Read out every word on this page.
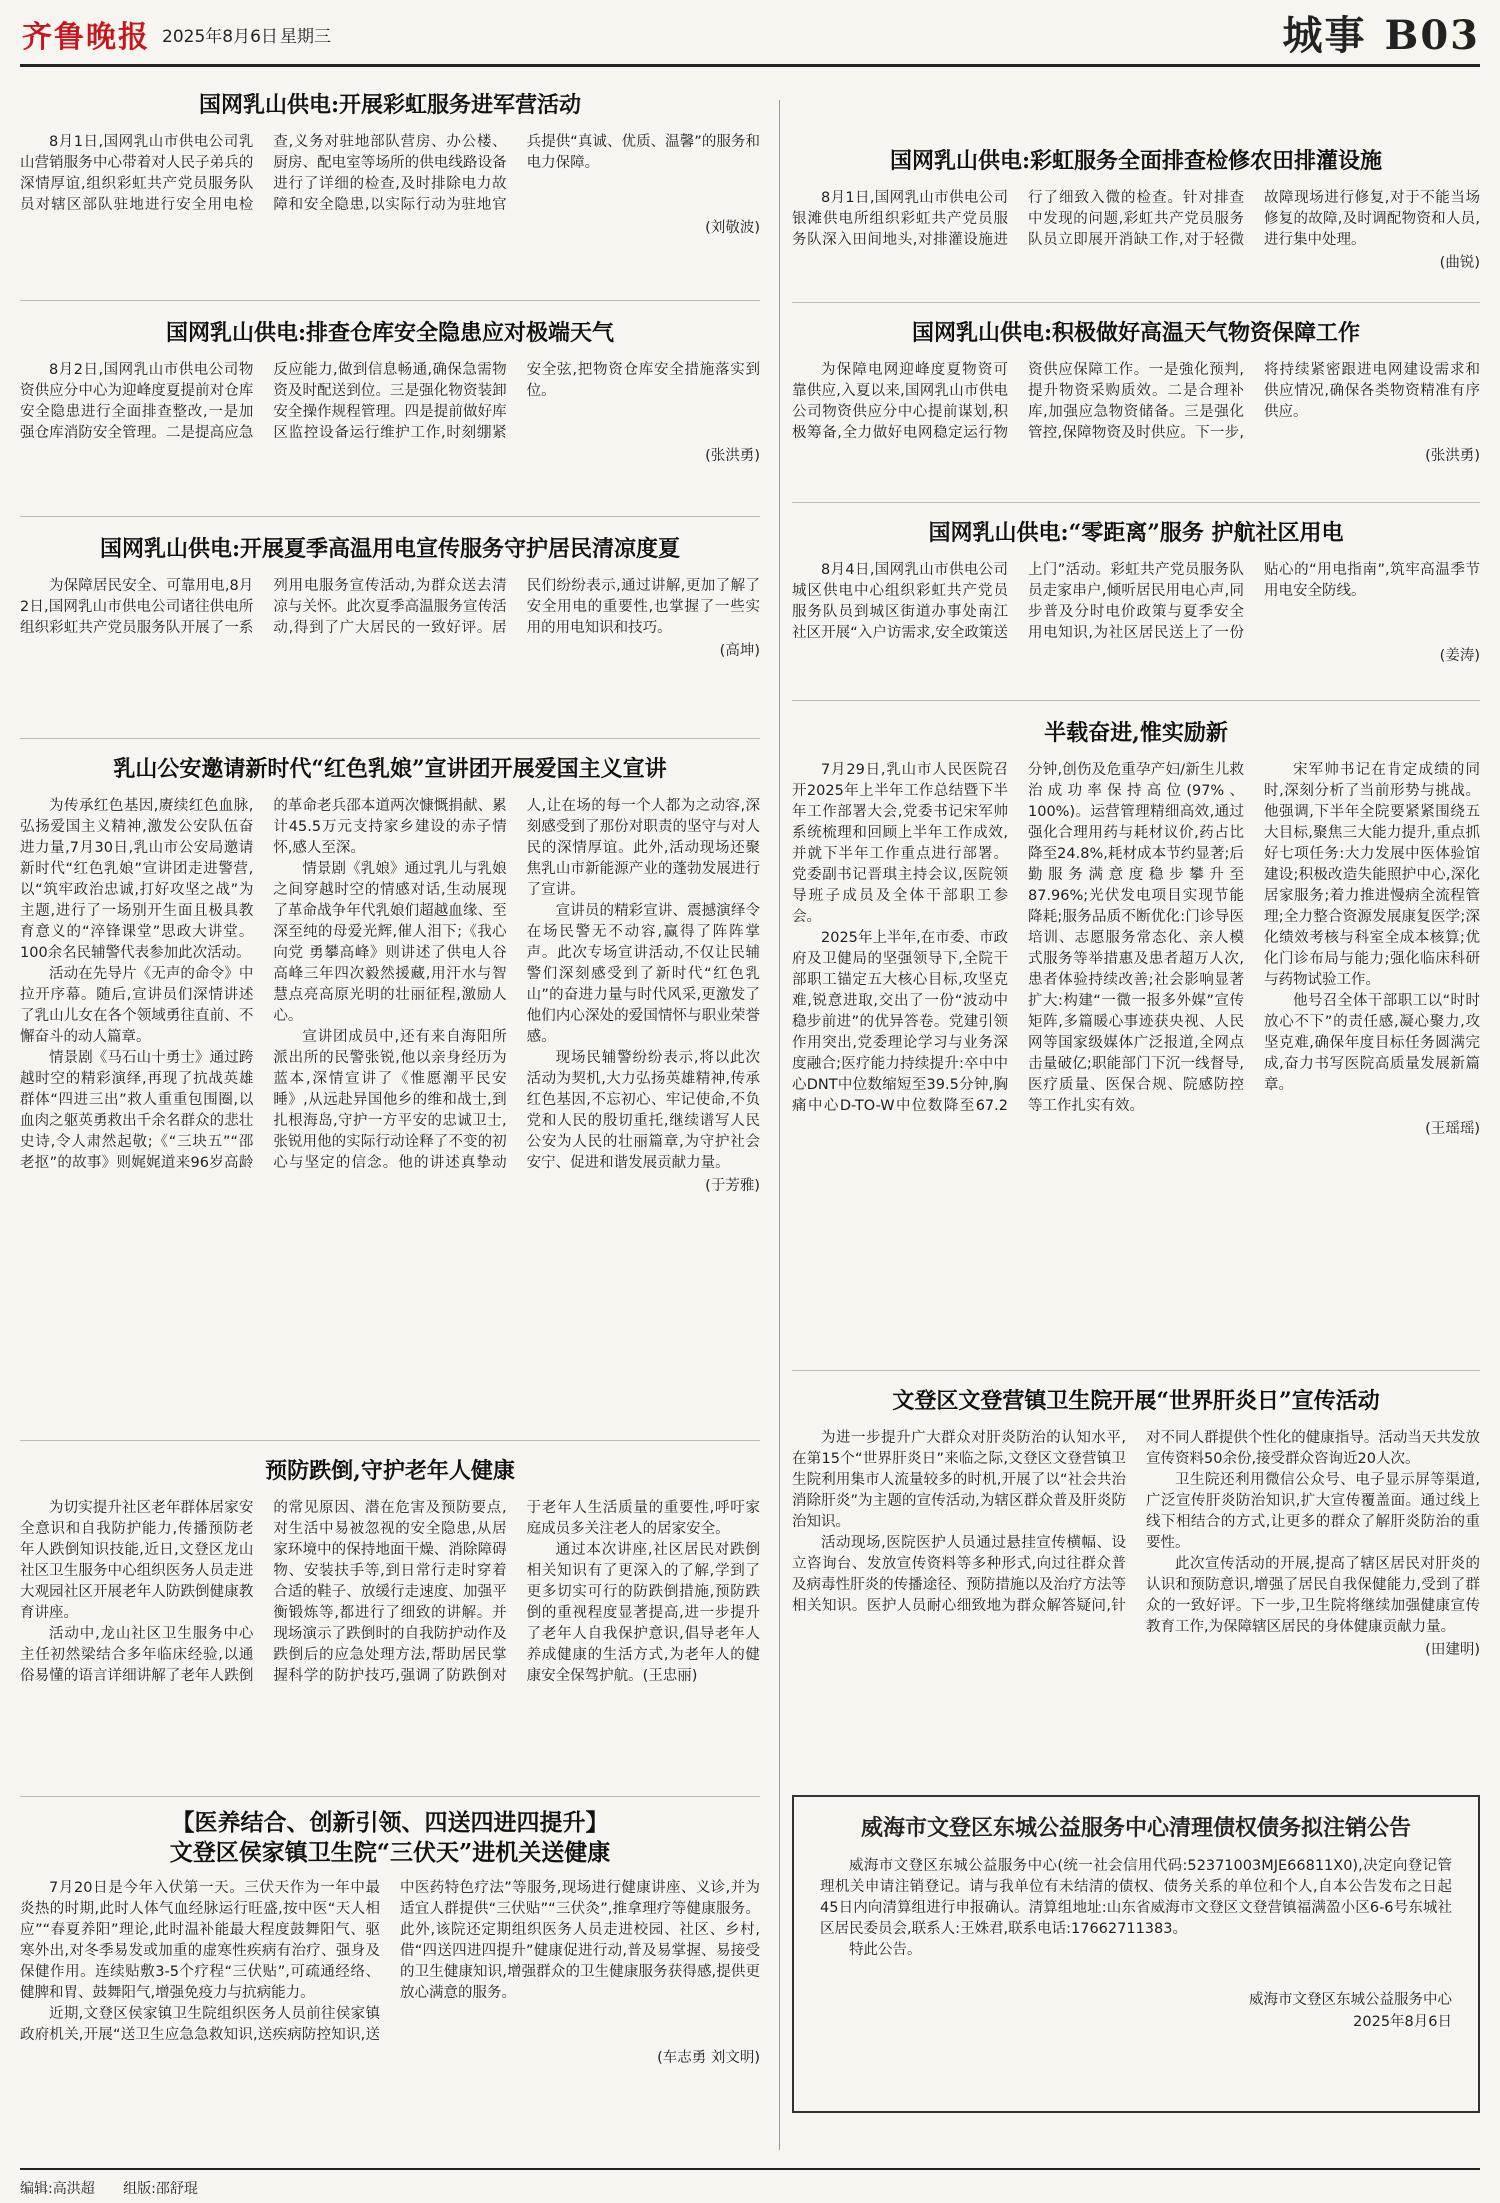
齐鲁晚报 2025年8月6日 星期三	城事 B03
国网乳山供电:开展彩虹服务进军营活动

8月1日,国网乳山市供电公司乳山营销服务中心带着对人民子弟兵的深情厚谊,组织彩虹共产党员服务队员对辖区部队驻地进行安全用电检查,义务对驻地部队营房、办公楼、厨房、配电室等场所的供电线路设备进行了详细的检查,及时排除电力故障和安全隐患,以实际行动为驻地官兵提供“真诚、优质、温馨”的服务和电力保障。

(刘敬波)
国网乳山供电:排查仓库安全隐患应对极端天气

8月2日,国网乳山市供电公司物资供应分中心为迎峰度夏提前对仓库安全隐患进行全面排查整改,一是加强仓库消防安全管理。二是提高应急反应能力,做到信息畅通,确保急需物资及时配送到位。三是强化物资装卸安全操作规程管理。四是提前做好库区监控设备运行维护工作,时刻绷紧安全弦,把物资仓库安全措施落实到位。

(张洪勇)
国网乳山供电:开展夏季高温用电宣传服务守护居民清凉度夏

为保障居民安全、可靠用电,8月2日,国网乳山市供电公司诸往供电所组织彩虹共产党员服务队开展了一系列用电服务宣传活动,为群众送去清凉与关怀。此次夏季高温服务宣传活动,得到了广大居民的一致好评。居民们纷纷表示,通过讲解,更加了解了安全用电的重要性,也掌握了一些实用的用电知识和技巧。

(高坤)
乳山公安邀请新时代“红色乳娘”宣讲团开展爱国主义宣讲

为传承红色基因,赓续红色血脉,弘扬爱国主义精神,激发公安队伍奋进力量,7月30日,乳山市公安局邀请新时代“红色乳娘”宣讲团走进警营,以“筑牢政治忠诚,打好攻坚之战”为主题,进行了一场别开生面且极具教育意义的“淬锋课堂”思政大讲堂。100余名民辅警代表参加此次活动。

活动在先导片《无声的命令》中拉开序幕。随后,宣讲员们深情讲述了乳山儿女在各个领域勇往直前、不懈奋斗的动人篇章。

情景剧《马石山十勇士》通过跨越时空的精彩演绎,再现了抗战英雄群体“四进三出”救人重重包围圈,以血肉之躯英勇救出千余名群众的悲壮史诗,令人肃然起敬;《“三块五”“邵老抠”的故事》则娓娓道来96岁高龄的革命老兵邵本道两次慷慨捐献、累计45.5万元支持家乡建设的赤子情怀,感人至深。

情景剧《乳娘》通过乳儿与乳娘之间穿越时空的情感对话,生动展现了革命战争年代乳娘们超越血缘、至深至纯的母爱光辉,催人泪下;《我心向党 勇攀高峰》则讲述了供电人谷高峰三年四次毅然援藏,用汗水与智慧点亮高原光明的壮丽征程,激励人心。

宣讲团成员中,还有来自海阳所派出所的民警张锐,他以亲身经历为蓝本,深情宣讲了《惟愿潮平民安睡》,从远赴异国他乡的维和战士,到扎根海岛,守护一方平安的忠诚卫士,张锐用他的实际行动诠释了不变的初心与坚定的信念。他的讲述真挚动人,让在场的每一个人都为之动容,深刻感受到了那份对职责的坚守与对人民的深情厚谊。此外,活动现场还聚焦乳山市新能源产业的蓬勃发展进行了宣讲。

宣讲员的精彩宣讲、震撼演绎令在场民警无不动容,赢得了阵阵掌声。此次专场宣讲活动,不仅让民辅警们深刻感受到了新时代“红色乳山”的奋进力量与时代风采,更激发了他们内心深处的爱国情怀与职业荣誉感。

现场民辅警纷纷表示,将以此次活动为契机,大力弘扬英雄精神,传承红色基因,不忘初心、牢记使命,不负党和人民的殷切重托,继续谱写人民公安为人民的壮丽篇章,为守护社会安宁、促进和谐发展贡献力量。

(于芳雅)
预防跌倒,守护老年人健康

为切实提升社区老年群体居家安全意识和自我防护能力,传播预防老年人跌倒知识技能,近日,文登区龙山社区卫生服务中心组织医务人员走进大观园社区开展老年人防跌倒健康教育讲座。

活动中,龙山社区卫生服务中心主任初然梁结合多年临床经验,以通俗易懂的语言详细讲解了老年人跌倒的常见原因、潜在危害及预防要点,对生活中易被忽视的安全隐患,从居家环境中的保持地面干燥、消除障碍物、安装扶手等,到日常行走时穿着合适的鞋子、放缓行走速度、加强平衡锻炼等,都进行了细致的讲解。并现场演示了跌倒时的自我防护动作及跌倒后的应急处理方法,帮助居民掌握科学的防护技巧,强调了防跌倒对于老年人生活质量的重要性,呼吁家庭成员多关注老人的居家安全。

通过本次讲座,社区居民对跌倒相关知识有了更深入的了解,学到了更多切实可行的防跌倒措施,预防跌倒的重视程度显著提高,进一步提升了老年人自我保护意识,倡导老年人养成健康的生活方式,为老年人的健康安全保驾护航。(王忠丽)

【医养结合、创新引领、四送四进四提升】
文登区侯家镇卫生院“三伏天”进机关送健康

7月20日是今年入伏第一天。三伏天作为一年中最炎热的时期,此时人体气血经脉运行旺盛,按中医“天人相应”“春夏养阳”理论,此时温补能最大程度鼓舞阳气、驱寒外出,对冬季易发或加重的虚寒性疾病有治疗、强身及保健作用。连续贴敷3-5个疗程“三伏贴”,可疏通经络、健脾和胃、鼓舞阳气,增强免疫力与抗病能力。

近期,文登区侯家镇卫生院组织医务人员前往侯家镇政府机关,开展“送卫生应急急救知识,送疾病防控知识,送中医药特色疗法”等服务,现场进行健康讲座、义诊,并为适宜人群提供“三伏贴”“三伏灸”,推拿理疗等健康服务。此外,该院还定期组织医务人员走进校园、社区、乡村,借“四送四进四提升”健康促进行动,普及易掌握、易接受的卫生健康知识,增强群众的卫生健康服务获得感,提供更放心满意的服务。

(车志勇 刘文明)
国网乳山供电:彩虹服务全面排查检修农田排灌设施

8月1日,国网乳山市供电公司银滩供电所组织彩虹共产党员服务队深入田间地头,对排灌设施进行了细致入微的检查。针对排查中发现的问题,彩虹共产党员服务队员立即展开消缺工作,对于轻微故障现场进行修复,对于不能当场修复的故障,及时调配物资和人员,进行集中处理。

(曲锐)
国网乳山供电:积极做好高温天气物资保障工作

为保障电网迎峰度夏物资可靠供应,入夏以来,国网乳山市供电公司物资供应分中心提前谋划,积极筹备,全力做好电网稳定运行物资供应保障工作。一是強化预判,提升物资采购质效。二是合理补库,加强应急物资储备。三是强化管控,保障物资及时供应。下一步,将持续紧密跟进电网建设需求和供应情况,确保各类物资精准有序供应。

(张洪勇)
国网乳山供电:“零距离”服务 护航社区用电

8月4日,国网乳山市供电公司城区供电中心组织彩虹共产党员服务队员到城区街道办事处南江社区开展“入户访需求,安全政策送上门”活动。彩虹共产党员服务队员走家串户,倾听居民用电心声,同步普及分时电价政策与夏季安全用电知识,为社区居民送上了一份贴心的“用电指南”,筑牢高温季节用电安全防线。

(姜涛)
半载奋进,惟实励新

7月29日,乳山市人民医院召开2025年上半年工作总结暨下半年工作部署大会,党委书记宋军帅系统梳理和回顾上半年工作成效,并就下半年工作重点进行部署。党委副书记晋琪主持会议,医院领导班子成员及全体干部职工参会。

2025年上半年,在市委、市政府及卫健局的坚强领导下,全院干部职工锚定五大核心目标,攻坚克难,锐意进取,交出了一份“波动中稳步前进”的优异答卷。党建引领作用突出,党委理论学习与业务深度融合;医疗能力持续提升:卒中中心DNT中位数缩短至39.5分钟,胸痛中心D-TO-W中位数降至67.2分钟,创伤及危重孕产妇/新生儿救治成功率保持高位(97%、100%)。运营管理精细高效,通过强化合理用药与耗材议价,药占比降至24.8%,耗材成本节约显著;后勤服务满意度稳步攀升至87.96%;光伏发电项目实现节能降耗;服务品质不断优化:门诊导医培训、志愿服务常态化、亲人模式服务等举措惠及患者超万人次,患者体验持续改善;社会影响显著扩大:构建“一微一报多外媒”宣传矩阵,多篇暖心事迹获央视、人民网等国家级媒体广泛报道,全网点击量破亿;职能部门下沉一线督导,医疗质量、医保合规、院感防控等工作扎实有效。

宋军帅书记在肯定成绩的同时,深刻分析了当前形势与挑战。他强调,下半年全院要紧紧围绕五大目标,聚焦三大能力提升,重点抓好七项任务:大力发展中医体验馆建设;积极改造失能照护中心,深化居家服务;着力推进慢病全流程管理;全力整合资源发展康复医学;深化绩效考核与科室全成本核算;优化门诊布局与能力;强化临床科研与药物试验工作。

他号召全体干部职工以“时时放心不下”的责任感,凝心聚力,攻坚克难,确保年度目标任务圆满完成,奋力书写医院高质量发展新篇章。

(王瑶瑶)
文登区文登营镇卫生院开展“世界肝炎日”宣传活动

为进一步提升广大群众对肝炎防治的认知水平,在第15个“世界肝炎日”来临之际,文登区文登营镇卫生院利用集市人流量较多的时机,开展了以“社会共治 消除肝炎”为主题的宣传活动,为辖区群众普及肝炎防治知识。

活动现场,医院医护人员通过悬挂宣传横幅、设立咨询台、发放宣传资料等多种形式,向过往群众普及病毒性肝炎的传播途径、预防措施以及治疗方法等相关知识。医护人员耐心细致地为群众解答疑问,针对不同人群提供个性化的健康指导。活动当天共发放宣传资料50余份,接受群众咨询近20人次。

卫生院还利用微信公众号、电子显示屏等渠道,广泛宣传肝炎防治知识,扩大宣传覆盖面。通过线上线下相结合的方式,让更多的群众了解肝炎防治的重要性。

此次宣传活动的开展,提高了辖区居民对肝炎的认识和预防意识,增强了居民自我保健能力,受到了群众的一致好评。下一步,卫生院将继续加强健康宣传教育工作,为保障辖区居民的身体健康贡献力量。

(田建明)
威海市文登区东城公益服务中心清理债权债务拟注销公告

威海市文登区东城公益服务中心(统一社会信用代码:52371003MJE66811X0),决定向登记管理机关申请注销登记。请与我单位有未结清的债权、债务关系的单位和个人,自本公告发布之日起45日内向清算组进行申报确认。清算组地址:山东省威海市文登区文登营镇福满盈小区6-6号东城社区居民委员会,联系人:王姝君,联系电话:17662711383。

特此公告。

威海市文登区东城公益服务中心
2025年8月6日
编辑:高洪超 组版:邵舒琨
